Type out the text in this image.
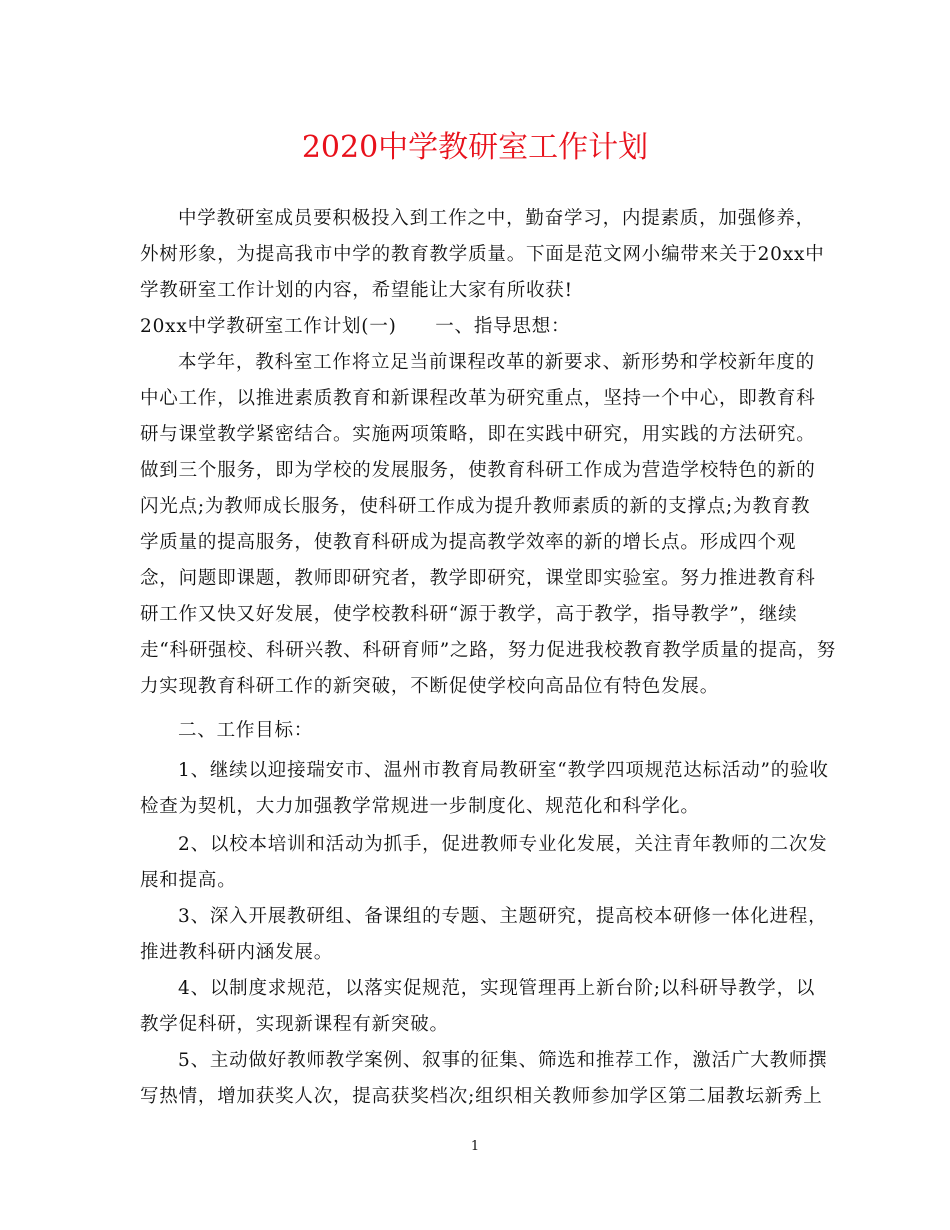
2020中学教研室工作计划
中学教研室成员要积极投入到工作之中，勤奋学习，内提素质，加强修养，
外树形象，为提高我市中学的教育教学质量。下面是范文网小编带来关于20xx中
学教研室工作计划的内容，希望能让大家有所收获!
20xx中学教研室工作计划(一)　　一、指导思想：
本学年，教科室工作将立足当前课程改革的新要求、新形势和学校新年度的
中心工作，以推进素质教育和新课程改革为研究重点，坚持一个中心，即教育科
研与课堂教学紧密结合。实施两项策略，即在实践中研究，用实践的方法研究。
做到三个服务，即为学校的发展服务，使教育科研工作成为营造学校特色的新的
闪光点;为教师成长服务，使科研工作成为提升教师素质的新的支撑点;为教育教
学质量的提高服务，使教育科研成为提高教学效率的新的增长点。形成四个观
念，问题即课题，教师即研究者，教学即研究，课堂即实验室。努力推进教育科
研工作又快又好发展，使学校教科研“源于教学，高于教学，指导教学”，继续
走“科研强校、科研兴教、科研育师”之路，努力促进我校教育教学质量的提高，努
力实现教育科研工作的新突破，不断促使学校向高品位有特色发展。
二、工作目标：
1、继续以迎接瑞安市、温州市教育局教研室“教学四项规范达标活动”的验收
检查为契机，大力加强教学常规进一步制度化、规范化和科学化。
2、以校本培训和活动为抓手，促进教师专业化发展，关注青年教师的二次发
展和提高。
3、深入开展教研组、备课组的专题、主题研究，提高校本研修一体化进程，
推进教科研内涵发展。
4、以制度求规范，以落实促规范，实现管理再上新台阶;以科研导教学，以
教学促科研，实现新课程有新突破。
5、主动做好教师教学案例、叙事的征集、筛选和推荐工作，激活广大教师撰
写热情，增加获奖人次，提高获奖档次;组织相关教师参加学区第二届教坛新秀上
1
